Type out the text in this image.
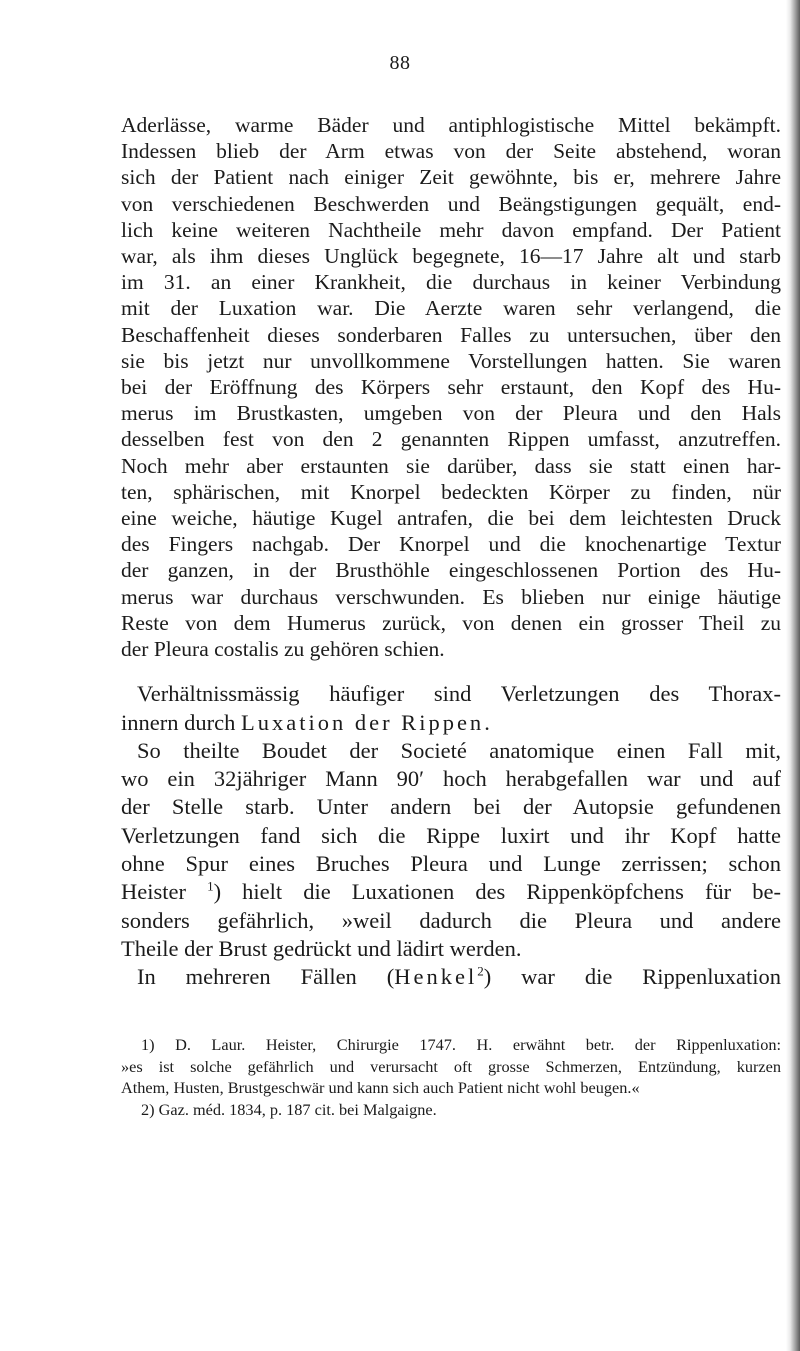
88
Aderlässe, warme Bäder und antiphlogistische Mittel bekämpft.
Indessen blieb der Arm etwas von der Seite abstehend, woran
sich der Patient nach einiger Zeit gewöhnte, bis er, mehrere Jahre
von verschiedenen Beschwerden und Beängstigungen gequält, end-
lich keine weiteren Nachtheile mehr davon empfand. Der Patient
war, als ihm dieses Unglück begegnete, 16—17 Jahre alt und starb
im 31. an einer Krankheit, die durchaus in keiner Verbindung
mit der Luxation war. Die Aerzte waren sehr verlangend, die
Beschaffenheit dieses sonderbaren Falles zu untersuchen, über den
sie bis jetzt nur unvollkommene Vorstellungen hatten. Sie waren
bei der Eröffnung des Körpers sehr erstaunt, den Kopf des Hu-
merus im Brustkasten, umgeben von der Pleura und den Hals
desselben fest von den 2 genannten Rippen umfasst, anzutreffen.
Noch mehr aber erstaunten sie darüber, dass sie statt einen har-
ten, sphärischen, mit Knorpel bedeckten Körper zu finden, nür
eine weiche, häutige Kugel antrafen, die bei dem leichtesten Druck
des Fingers nachgab. Der Knorpel und die knochenartige Textur
der ganzen, in der Brusthöhle eingeschlossenen Portion des Hu-
merus war durchaus verschwunden. Es blieben nur einige häutige
Reste von dem Humerus zurück, von denen ein grosser Theil zu
der Pleura costalis zu gehören schien.
Verhältnissmässig häufiger sind Verletzungen des Thorax-
innern durch Luxation der Rippen.
So theilte Boudet der Societé anatomique einen Fall mit,
wo ein 32jähriger Mann 90′ hoch herabgefallen war und auf
der Stelle starb. Unter andern bei der Autopsie gefundenen
Verletzungen fand sich die Rippe luxirt und ihr Kopf hatte
ohne Spur eines Bruches Pleura und Lunge zerrissen; schon
Heister $^1$) hielt die Luxationen des Rippenköpfchens für be-
sonders gefährlich, »weil dadurch die Pleura und andere
Theile der Brust gedrückt und lädirt werden.
In mehreren Fällen (Henkel$^2$) war die Rippenluxation
1) D. Laur. Heister, Chirurgie 1747. H. erwähnt betr. der Rippenluxation:
»es ist solche gefährlich und verursacht oft grosse Schmerzen, Entzündung, kurzen
Athem, Husten, Brustgeschwär und kann sich auch Patient nicht wohl beugen.«
2) Gaz. méd. 1834, p. 187 cit. bei Malgaigne.
